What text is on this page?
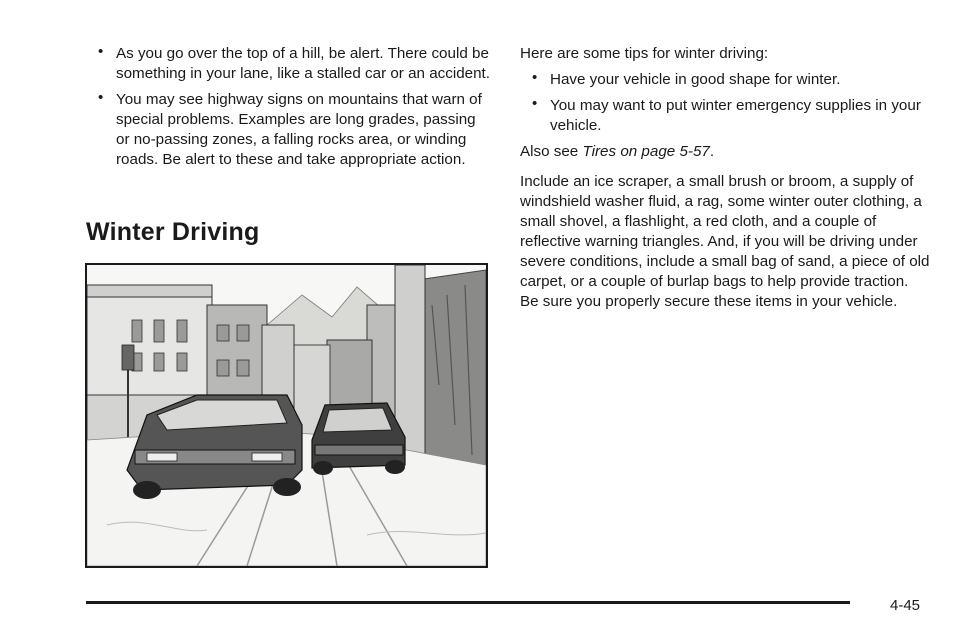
• As you go over the top of a hill, be alert. There could be something in your lane, like a stalled car or an accident.

• You may see highway signs on mountains that warn of special problems. Examples are long grades, passing or no-passing zones, a falling rocks area, or winding roads. Be alert to these and take appropriate action.

Winter Driving

Here are some tips for winter driving:

• Have your vehicle in good shape for winter.

• You may want to put winter emergency supplies in your vehicle.

Also see Tires on page 5-57.

Include an ice scraper, a small brush or broom, a supply of windshield washer fluid, a rag, some winter outer clothing, a small shovel, a flashlight, a red cloth, and a couple of reflective warning triangles. And, if you will be driving under severe conditions, include a small bag of sand, a piece of old carpet, or a couple of burlap bags to help provide traction. Be sure you properly secure these items in your vehicle.

4-45
